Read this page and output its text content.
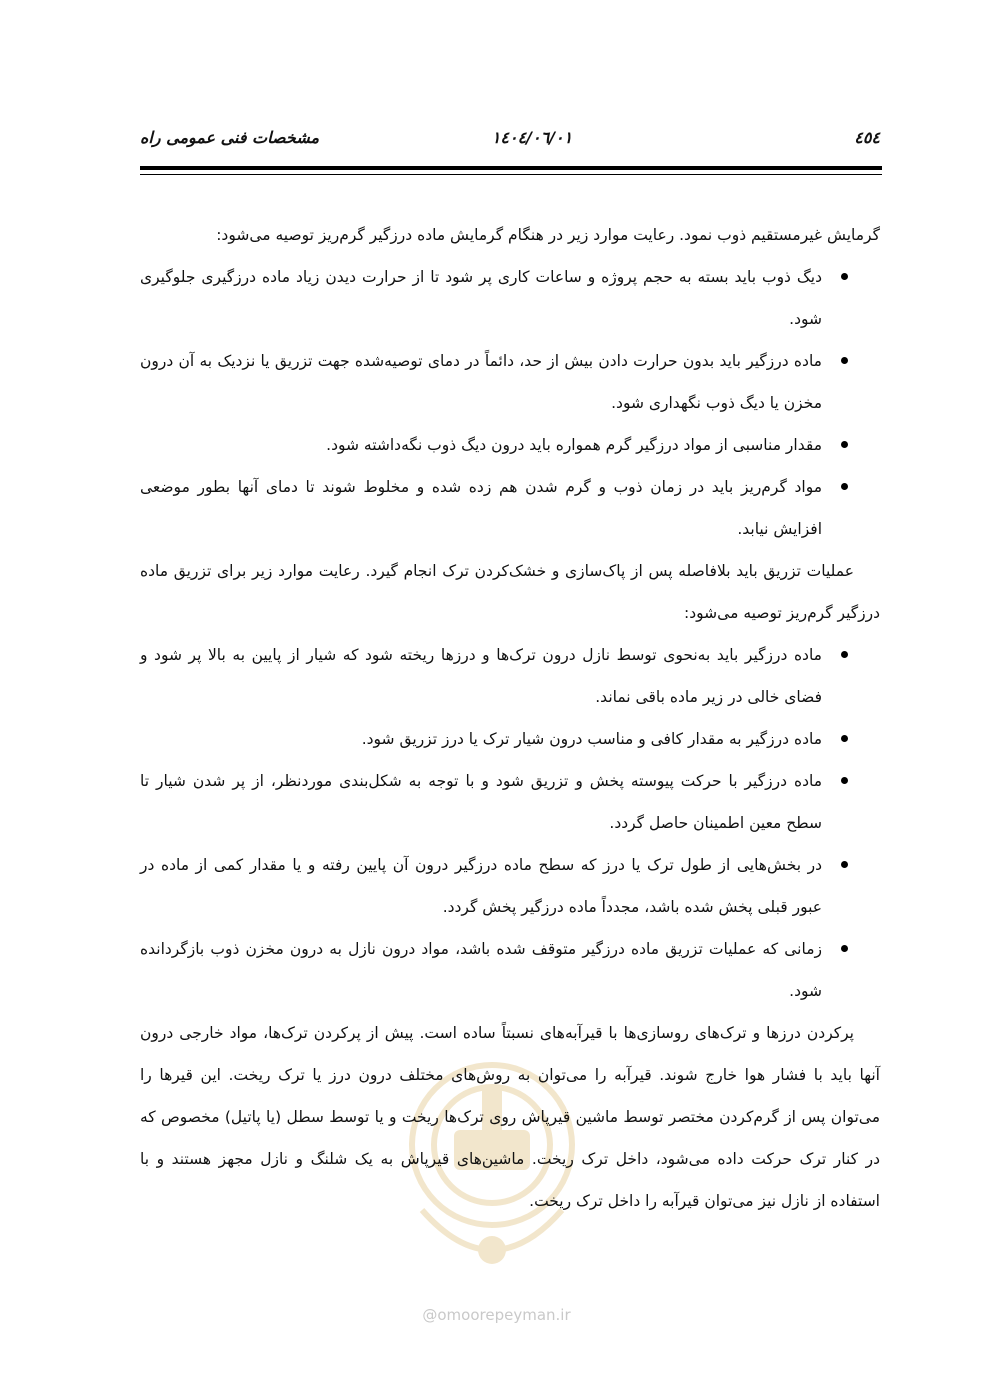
٤٥٤
١٤٠٤/٠٦/٠١
مشخصات فنی عمومی راه

گرمایش غیرمستقیم ذوب نمود. رعایت موارد زیر در هنگام گرمایش ماده درزگیر گرم‌ریز توصیه می‌شود:

دیگ ذوب باید بسته به حجم پروژه و ساعات کاری پر شود تا از حرارت دیدن زیاد ماده درزگیری جلوگیری شود.
ماده درزگیر باید بدون حرارت دادن بیش از حد، دائماً در دمای توصیه‌شده جهت تزریق یا نزدیک به آن درون مخزن یا دیگ ذوب نگهداری شود.
مقدار مناسبی از مواد درزگیر گرم همواره باید درون دیگ ذوب نگه‌داشته شود.
مواد گرم‌ریز باید در زمان ذوب و گرم شدن هم زده شده و مخلوط شوند تا دمای آنها بطور موضعی افزایش نیابد.

عملیات تزریق باید بلافاصله پس از پاک‌سازی و خشک‌کردن ترک انجام گیرد. رعایت موارد زیر برای تزریق ماده درزگیر گرم‌ریز توصیه می‌شود:

ماده درزگیر باید به‌نحوی توسط نازل درون ترک‌ها و درزها ریخته شود که شیار از پایین به بالا پر شود و فضای خالی در زیر ماده باقی نماند.
ماده درزگیر به مقدار کافی و مناسب درون شیار ترک یا درز تزریق شود.
ماده درزگیر با حرکت پیوسته پخش و تزریق شود و با توجه به شکل‌بندی موردنظر، از پر شدن شیار تا سطح معین اطمینان حاصل گردد.
در بخش‌هایی از طول ترک یا درز که سطح ماده درزگیر درون آن پایین رفته و یا مقدار کمی از ماده در عبور قبلی پخش شده باشد، مجدداً ماده درزگیر پخش گردد.
زمانی که عملیات تزریق ماده درزگیر متوقف شده باشد، مواد درون نازل به درون مخزن ذوب بازگردانده شود.

پرکردن درزها و ترک‌های روسازی‌ها با قیرآبه‌های نسبتاً ساده است. پیش از پرکردن ترک‌ها، مواد خارجی درون آنها باید با فشار هوا خارج شوند. قیرآبه را می‌توان به روش‌های مختلف درون درز یا ترک ریخت. این قیرها را می‌توان پس از گرم‌کردن مختصر توسط ماشین قیرپاش روی ترک‌ها ریخت و یا توسط سطل (یا پاتیل) مخصوص که در کنار ترک حرکت داده می‌شود، داخل ترک ریخت. ماشین‌های قیرپاش به یک شلنگ و نازل مجهز هستند و با استفاده از نازل نیز می‌توان قیرآبه را داخل ترک ریخت.

@omoorepeyman.ir
